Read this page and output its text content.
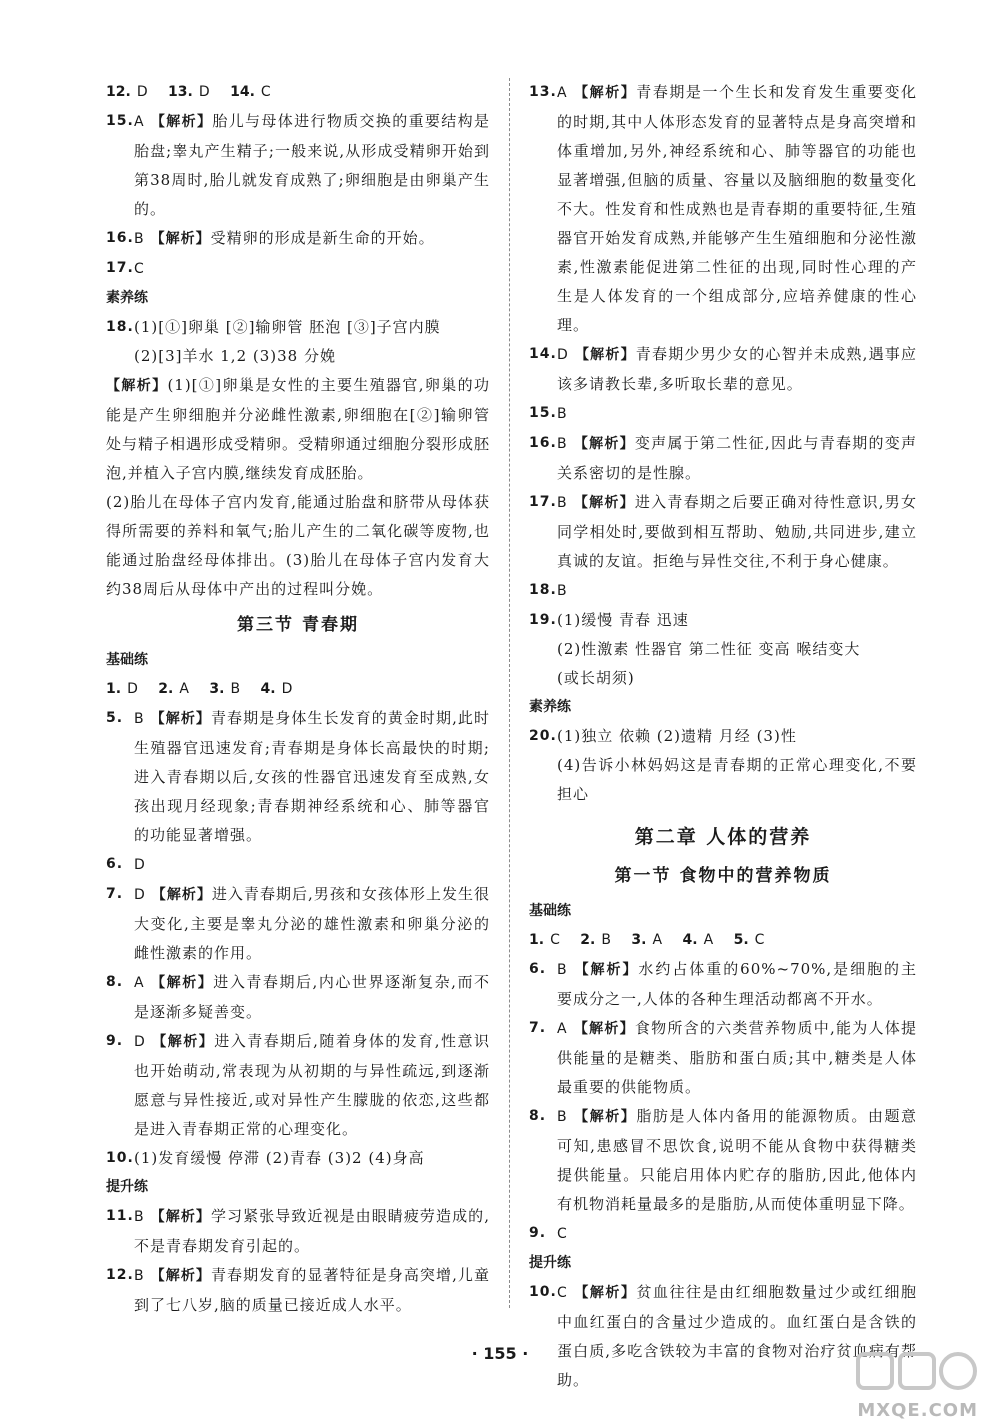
12. D 13. D 14. C
15. A 【解析】胎儿与母体进行物质交换的重要结构是胎盘;睾丸产生精子;一般来说,从形成受精卵开始到第38周时,胎儿就发育成熟了;卵细胞是由卵巢产生的。
16. B 【解析】受精卵的形成是新生命的开始。
17. C
素养练
18. (1)[①]卵巢 [②]输卵管 胚泡 [③]子宫内膜
(2)[3]羊水 1,2 (3)38 分娩
【解析】(1)[①]卵巢是女性的主要生殖器官,卵巢的功能是产生卵细胞并分泌雌性激素,卵细胞在[②]输卵管处与精子相遇形成受精卵。受精卵通过细胞分裂形成胚泡,并植入子宫内膜,继续发育成胚胎。
(2)胎儿在母体子宫内发育,能通过胎盘和脐带从母体获得所需要的养料和氧气;胎儿产生的二氧化碳等废物,也能通过胎盘经母体排出。(3)胎儿在母体子宫内发育大约38周后从母体中产出的过程叫分娩。
第三节 青春期
基础练
1. D 2. A 3. B 4. D
5. B 【解析】青春期是身体生长发育的黄金时期,此时生殖器官迅速发育;青春期是身体长高最快的时期;进入青春期以后,女孩的性器官迅速发育至成熟,女孩出现月经现象;青春期神经系统和心、肺等器官的功能显著增强。
6. D
7. D 【解析】进入青春期后,男孩和女孩体形上发生很大变化,主要是睾丸分泌的雄性激素和卵巢分泌的雌性激素的作用。
8. A 【解析】进入青春期后,内心世界逐渐复杂,而不是逐渐多疑善变。
9. D 【解析】进入青春期后,随着身体的发育,性意识也开始萌动,常表现为从初期的与异性疏远,到逐渐愿意与异性接近,或对异性产生朦胧的依恋,这些都是进入青春期正常的心理变化。
10. (1)发育缓慢 停滞 (2)青春 (3)2 (4)身高
提升练
11. B 【解析】学习紧张导致近视是由眼睛疲劳造成的,不是青春期发育引起的。
12. B 【解析】青春期发育的显著特征是身高突增,儿童到了七八岁,脑的质量已接近成人水平。
13. A 【解析】青春期是一个生长和发育发生重要变化的时期,其中人体形态发育的显著特点是身高突增和体重增加,另外,神经系统和心、肺等器官的功能也显著增强,但脑的质量、容量以及脑细胞的数量变化不大。性发育和性成熟也是青春期的重要特征,生殖器官开始发育成熟,并能够产生生殖细胞和分泌性激素,性激素能促进第二性征的出现,同时性心理的产生是人体发育的一个组成部分,应培养健康的性心理。
14. D 【解析】青春期少男少女的心智并未成熟,遇事应该多请教长辈,多听取长辈的意见。
15. B
16. B 【解析】变声属于第二性征,因此与青春期的变声关系密切的是性腺。
17. B 【解析】进入青春期之后要正确对待性意识,男女同学相处时,要做到相互帮助、勉励,共同进步,建立真诚的友谊。拒绝与异性交往,不利于身心健康。
18. B
19. (1)缓慢 青春 迅速
(2)性激素 性器官 第二性征 变高 喉结变大
(或长胡须)
素养练
20. (1)独立 依赖 (2)遗精 月经 (3)性
(4)告诉小林妈妈这是青春期的正常心理变化,不要担心
第二章 人体的营养
第一节 食物中的营养物质
基础练
1. C 2. B 3. A 4. A 5. C
6. B 【解析】水约占体重的60%~70%,是细胞的主要成分之一,人体的各种生理活动都离不开水。
7. A 【解析】食物所含的六类营养物质中,能为人体提供能量的是糖类、脂肪和蛋白质;其中,糖类是人体最重要的供能物质。
8. B 【解析】脂肪是人体内备用的能源物质。由题意可知,患感冒不思饮食,说明不能从食物中获得糖类提供能量。只能启用体内贮存的脂肪,因此,他体内有机物消耗量最多的是脂肪,从而使体重明显下降。
9. C
提升练
10. C 【解析】贫血往往是由红细胞数量过少或红细胞中血红蛋白的含量过少造成的。血红蛋白是含铁的蛋白质,多吃含铁较为丰富的食物对治疗贫血病有帮助。
· 155 ·
MXQE.COM
